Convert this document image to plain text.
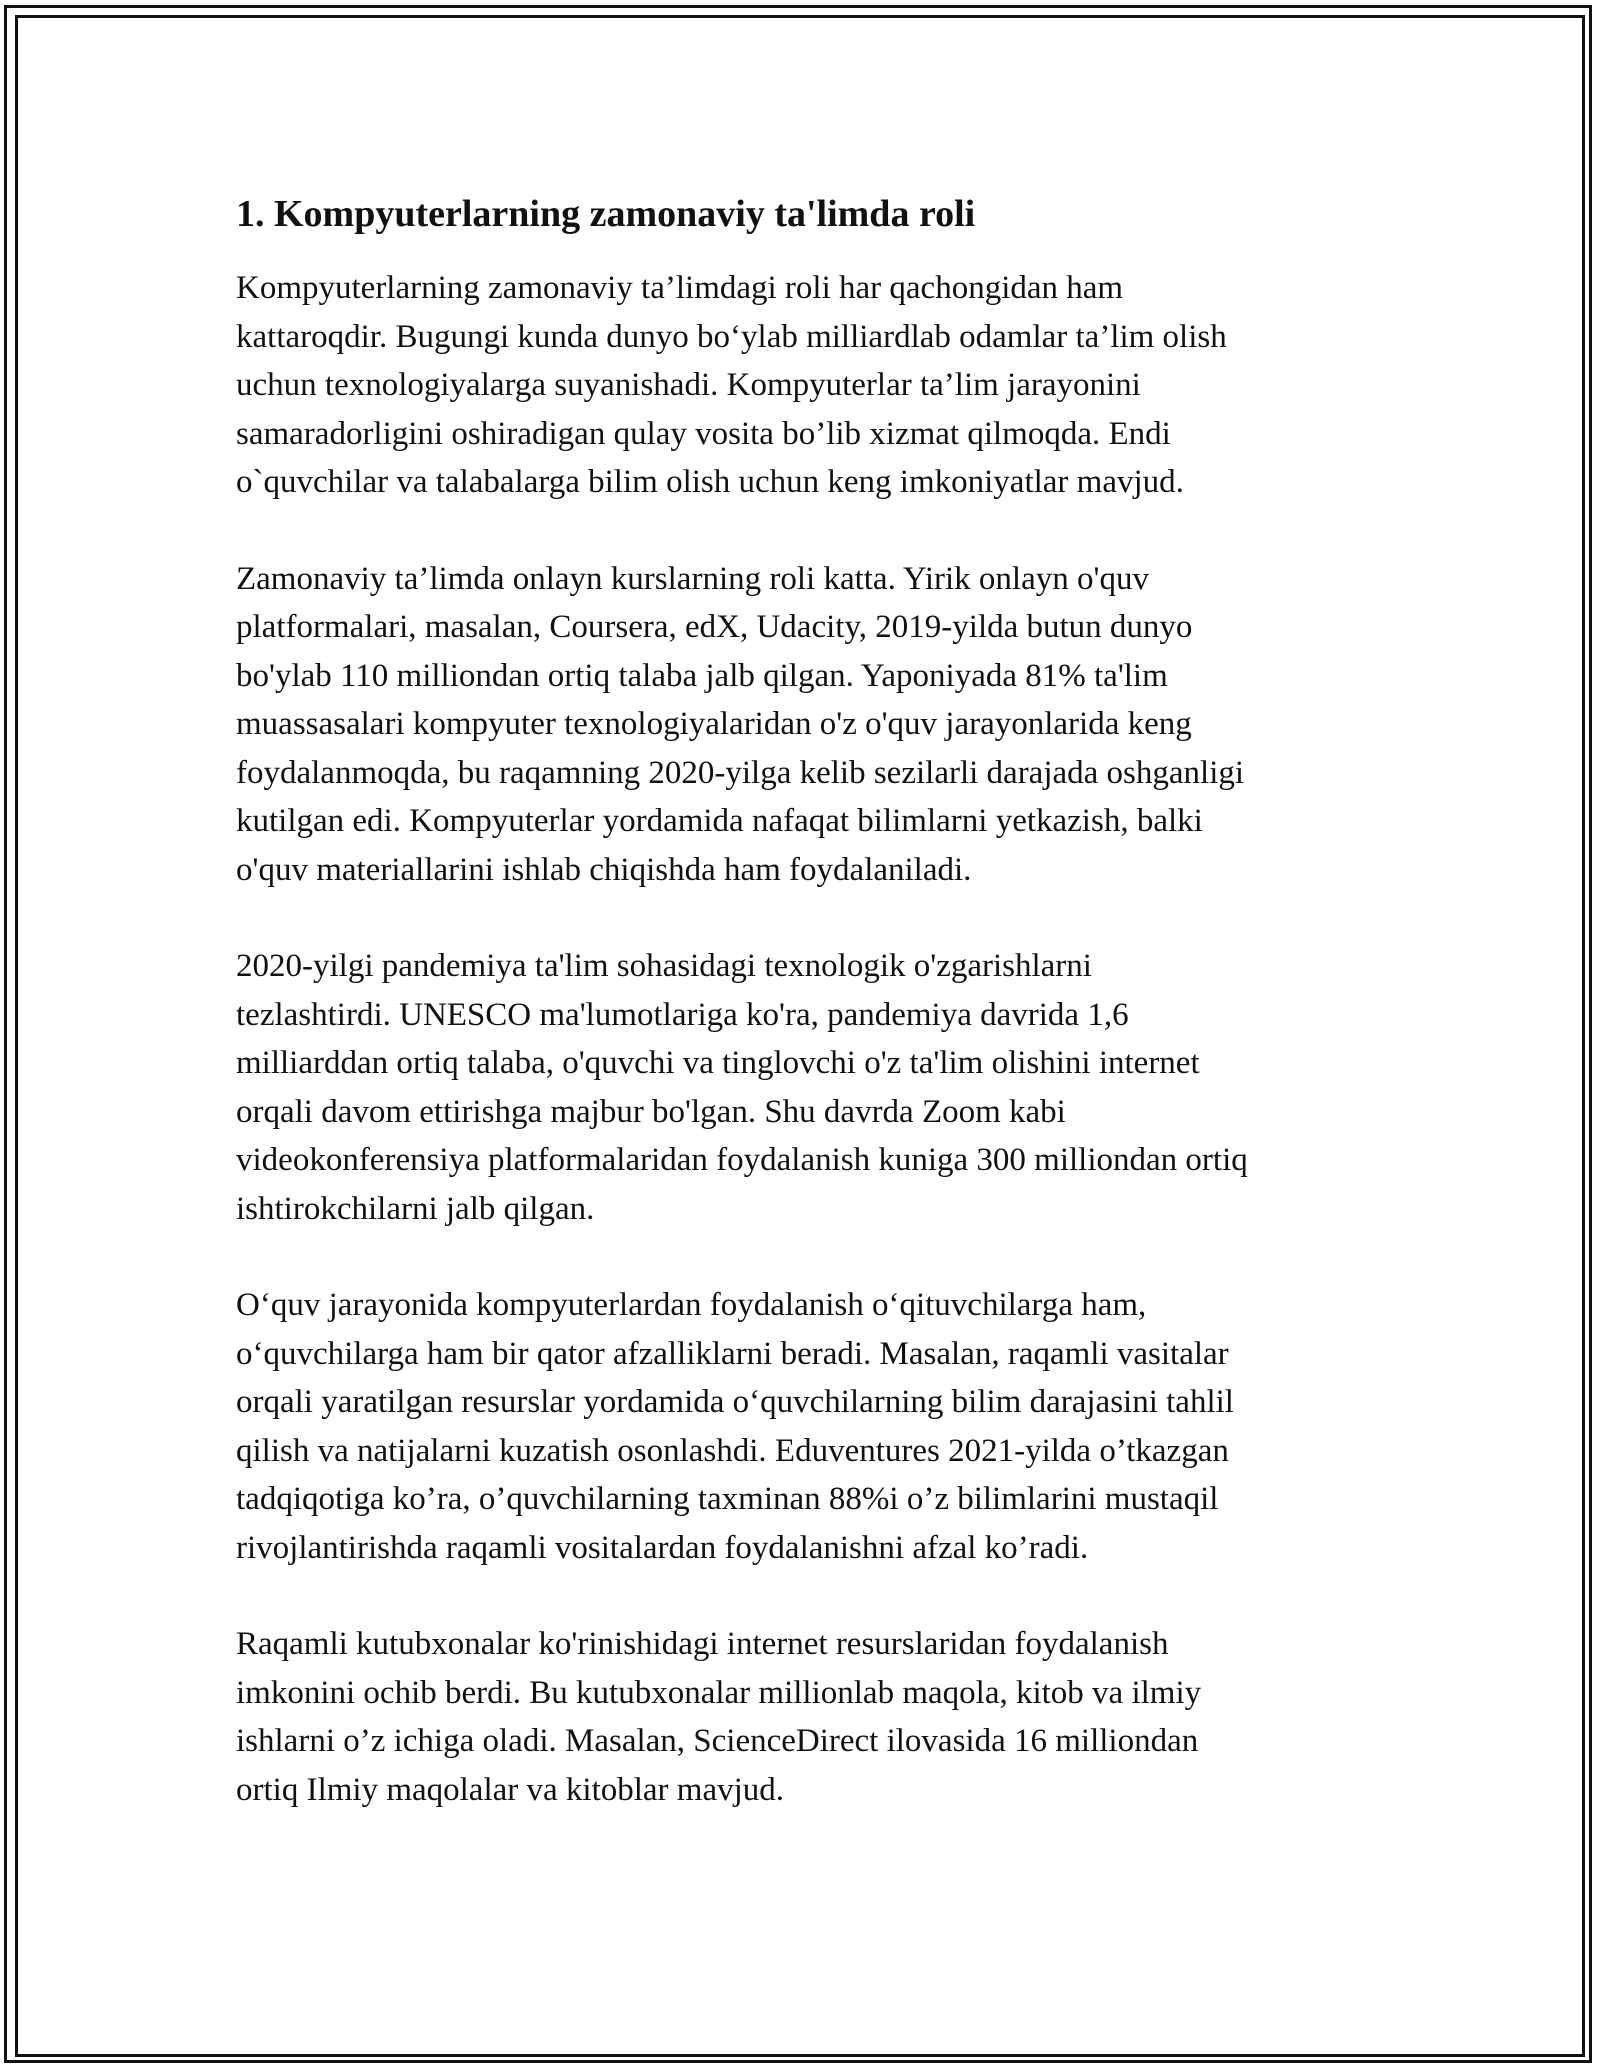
1. Kompyuterlarning zamonaviy ta'limda roli

Kompyuterlarning zamonaviy ta’limdagi roli har qachongidan ham
kattaroqdir. Bugungi kunda dunyo bo‘ylab milliardlab odamlar ta’lim olish
uchun texnologiyalarga suyanishadi. Kompyuterlar ta’lim jarayonini
samaradorligini oshiradigan qulay vosita bo’lib xizmat qilmoqda. Endi
o`quvchilar va talabalarga bilim olish uchun keng imkoniyatlar mavjud.

Zamonaviy ta’limda onlayn kurslarning roli katta. Yirik onlayn o'quv
platformalari, masalan, Coursera, edX, Udacity, 2019-yilda butun dunyo
bo'ylab 110 milliondan ortiq talaba jalb qilgan. Yaponiyada 81% ta'lim
muassasalari kompyuter texnologiyalaridan o'z o'quv jarayonlarida keng
foydalanmoqda, bu raqamning 2020-yilga kelib sezilarli darajada oshganligi
kutilgan edi. Kompyuterlar yordamida nafaqat bilimlarni yetkazish, balki
o'quv materiallarini ishlab chiqishda ham foydalaniladi.

2020-yilgi pandemiya ta'lim sohasidagi texnologik o'zgarishlarni
tezlashtirdi. UNESCO ma'lumotlariga ko'ra, pandemiya davrida 1,6
milliarddan ortiq talaba, o'quvchi va tinglovchi o'z ta'lim olishini internet
orqali davom ettirishga majbur bo'lgan. Shu davrda Zoom kabi
videokonferensiya platformalaridan foydalanish kuniga 300 milliondan ortiq
ishtirokchilarni jalb qilgan.

O‘quv jarayonida kompyuterlardan foydalanish o‘qituvchilarga ham,
o‘quvchilarga ham bir qator afzalliklarni beradi. Masalan, raqamli vasitalar
orqali yaratilgan resurslar yordamida o‘quvchilarning bilim darajasini tahlil
qilish va natijalarni kuzatish osonlashdi. Eduventures 2021-yilda o’tkazgan
tadqiqotiga ko’ra, o’quvchilarning taxminan 88%i o’z bilimlarini mustaqil
rivojlantirishda raqamli vositalardan foydalanishni afzal ko’radi.

Raqamli kutubxonalar ko'rinishidagi internet resurslaridan foydalanish
imkonini ochib berdi. Bu kutubxonalar millionlab maqola, kitob va ilmiy
ishlarni o’z ichiga oladi. Masalan, ScienceDirect ilovasida 16 milliondan
ortiq Ilmiy maqolalar va kitoblar mavjud.
